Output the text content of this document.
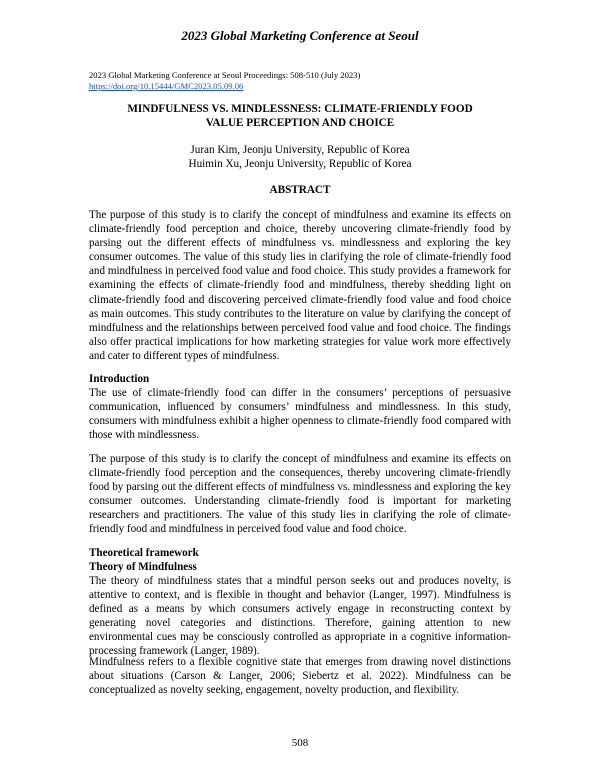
2023 Global Marketing Conference at Seoul
2023 Global Marketing Conference at Seoul Proceedings: 508-510 (July 2023)
https://doi.org/10.15444/GMC2023.05.09.06
MINDFULNESS VS. MINDLESSNESS: CLIMATE-FRIENDLY FOOD
VALUE PERCEPTION AND CHOICE
Juran Kim, Jeonju University, Republic of Korea
Huimin Xu, Jeonju University, Republic of Korea
ABSTRACT

The purpose of this study is to clarify the concept of mindfulness and examine its effects on climate-friendly food perception and choice, thereby uncovering climate-friendly food by parsing out the different effects of mindfulness vs. mindlessness and exploring the key consumer outcomes. The value of this study lies in clarifying the role of climate-friendly food and mindfulness in perceived food value and food choice. This study provides a framework for examining the effects of climate-friendly food and mindfulness, thereby shedding light on climate-friendly food and discovering perceived climate-friendly food value and food choice as main outcomes. This study contributes to the literature on value by clarifying the concept of mindfulness and the relationships between perceived food value and food choice. The findings also offer practical implications for how marketing strategies for value work more effectively and cater to different types of mindfulness.

Introduction

The use of climate-friendly food can differ in the consumers’ perceptions of persuasive communication, influenced by consumers’ mindfulness and mindlessness. In this study, consumers with mindfulness exhibit a higher openness to climate-friendly food compared with those with mindlessness.

The purpose of this study is to clarify the concept of mindfulness and examine its effects on climate-friendly food perception and the consequences, thereby uncovering climate-friendly food by parsing out the different effects of mindfulness vs. mindlessness and exploring the key consumer outcomes. Understanding climate-friendly food is important for marketing researchers and practitioners. The value of this study lies in clarifying the role of climate-friendly food and mindfulness in perceived food value and food choice.

Theoretical framework
Theory of Mindfulness

The theory of mindfulness states that a mindful person seeks out and produces novelty, is attentive to context, and is flexible in thought and behavior (Langer, 1997). Mindfulness is defined as a means by which consumers actively engage in reconstructing context by generating novel categories and distinctions. Therefore, gaining attention to new environmental cues may be consciously controlled as appropriate in a cognitive information-processing framework (Langer, 1989).

Mindfulness refers to a flexible cognitive state that emerges from drawing novel distinctions about situations (Carson & Langer, 2006; Siebertz et al. 2022). Mindfulness can be conceptualized as novelty seeking, engagement, novelty production, and flexibility.

508
